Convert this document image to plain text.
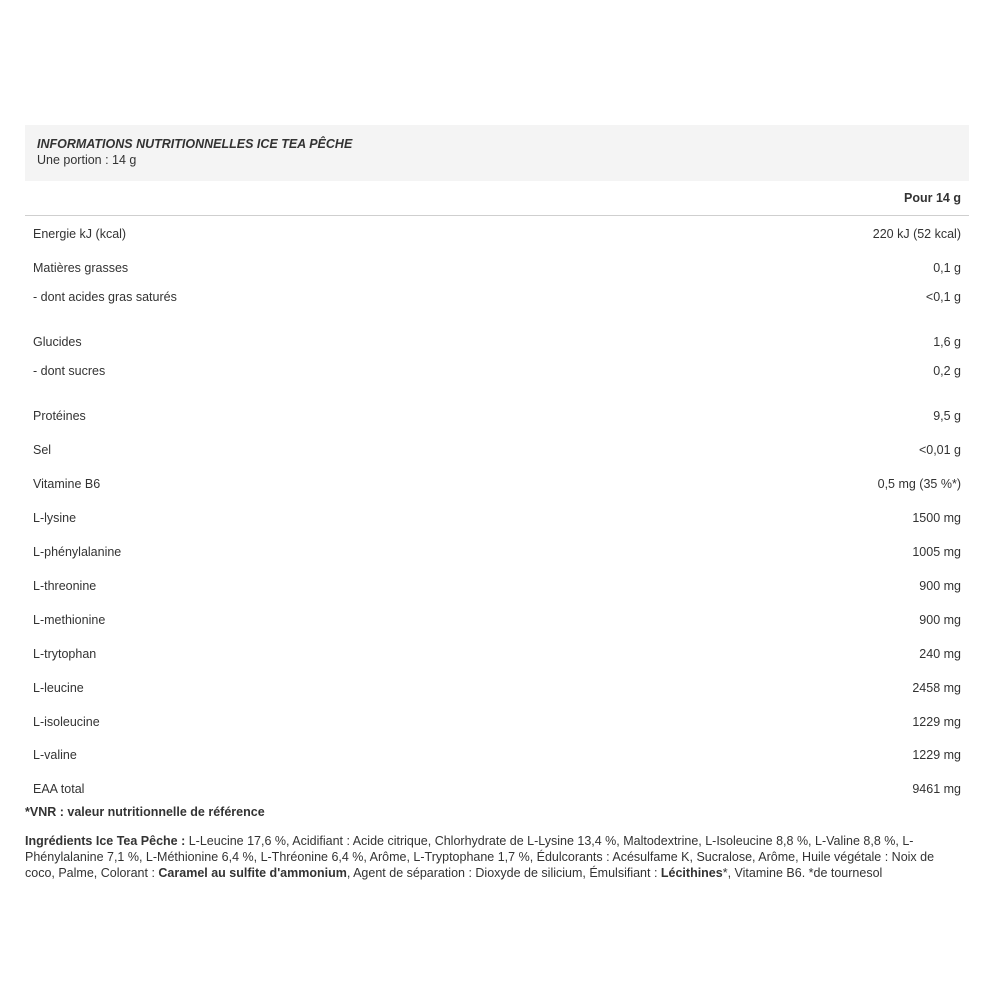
INFORMATIONS NUTRITIONNELLES ICE TEA PÊCHE
Une portion : 14 g
Pour 14 g
Energie kJ (kcal)	220 kJ (52 kcal)
Matières grasses	0,1 g
- dont acides gras saturés	<0,1 g
Glucides	1,6 g
- dont sucres	0,2 g
Protéines	9,5 g
Sel	<0,01 g
Vitamine B6	0,5 mg (35 %*)
L-lysine	1500 mg
L-phénylalanine	1005 mg
L-threonine	900 mg
L-methionine	900 mg
L-trytophan	240 mg
L-leucine	2458 mg
L-isoleucine	1229 mg
L-valine	1229 mg
EAA total	9461 mg
*VNR : valeur nutritionnelle de référence
Ingrédients Ice Tea Pêche : L-Leucine 17,6 %, Acidifiant : Acide citrique, Chlorhydrate de L-Lysine 13,4 %, Maltodextrine, L-Isoleucine 8,8 %, L-Valine 8,8 %, L-Phénylalanine 7,1 %, L-Méthionine 6,4 %, L-Thréonine 6,4 %, Arôme, L-Tryptophane 1,7 %, Édulcorants : Acésulfame K, Sucralose, Arôme, Huile végétale : Noix de coco, Palme, Colorant : Caramel au sulfite d'ammonium, Agent de séparation : Dioxyde de silicium, Émulsifiant : Lécithines*, Vitamine B6. *de tournesol
